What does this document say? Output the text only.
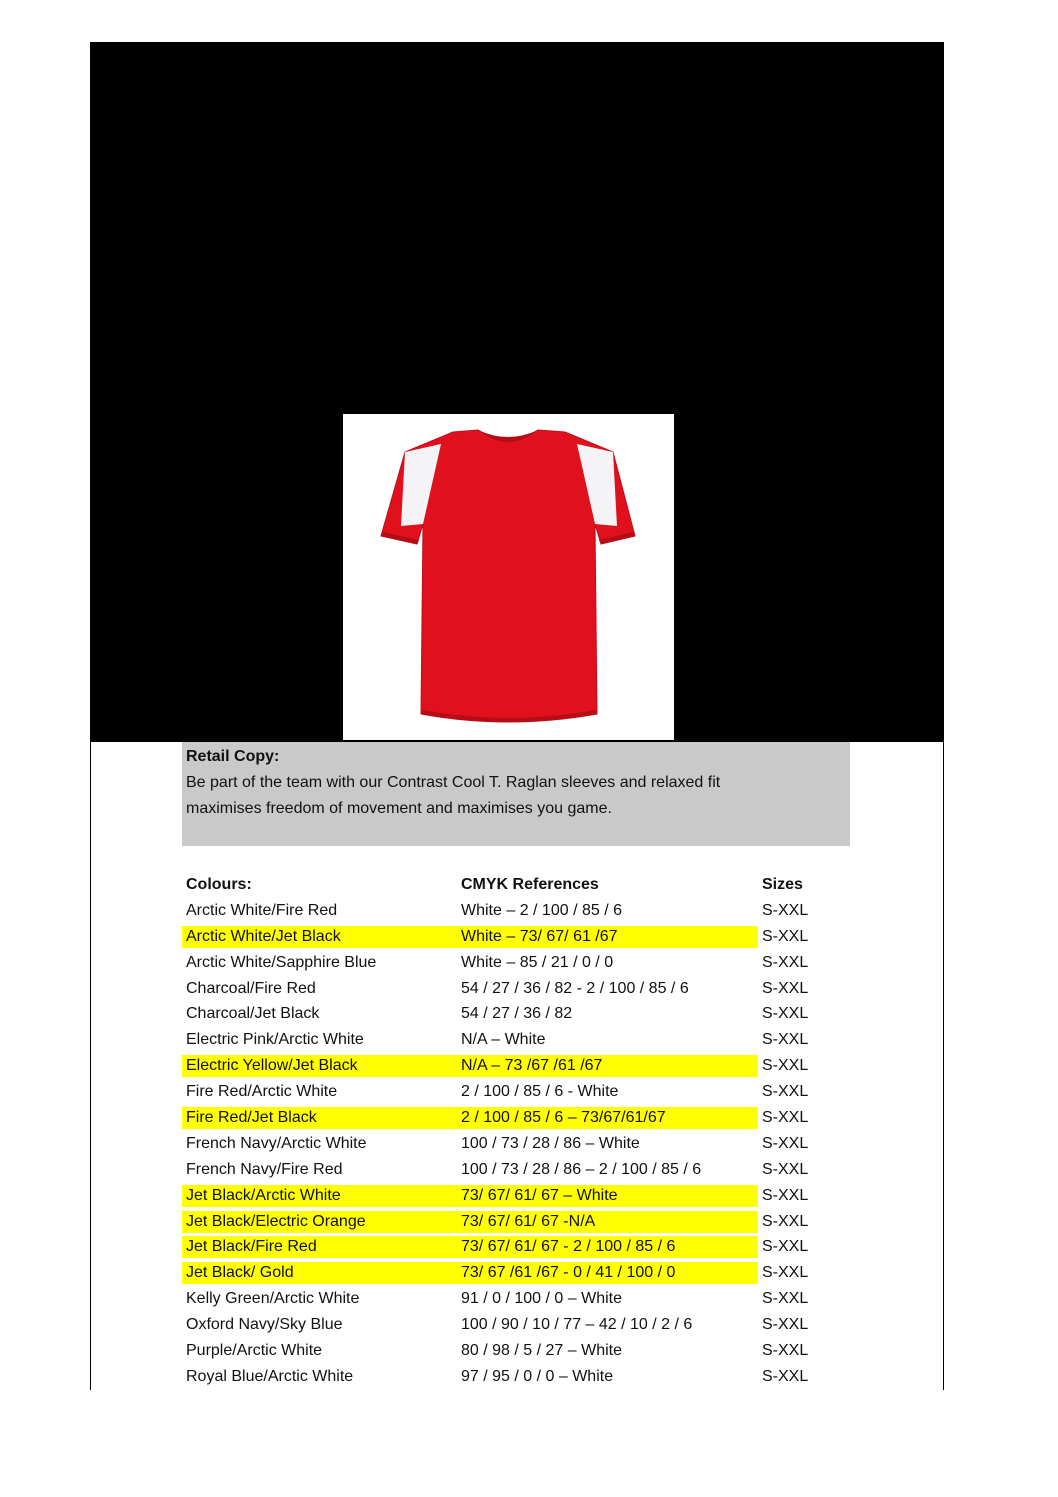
Retail Copy:
Be part of the team with our Contrast Cool T. Raglan sleeves and relaxed fit
maximises freedom of movement and maximises you game.
Colours:	CMYK References	Sizes
Arctic White/Fire Red	White – 2 / 100 / 85 / 6	S-XXL
Arctic White/Jet Black	White – 73/ 67/ 61 /67	S-XXL
Arctic White/Sapphire Blue	White – 85 / 21 / 0 / 0	S-XXL
Charcoal/Fire Red	54 / 27 / 36 / 82 - 2 / 100 / 85 / 6	S-XXL
Charcoal/Jet Black	54 / 27 / 36 / 82	S-XXL
Electric Pink/Arctic White	N/A – White	S-XXL
Electric Yellow/Jet Black	N/A – 73 /67 /61 /67	S-XXL
Fire Red/Arctic White	2 / 100 / 85 / 6 - White	S-XXL
Fire Red/Jet Black	2 / 100 / 85 / 6 – 73/67/61/67	S-XXL
French Navy/Arctic White	100 / 73 / 28 / 86 – White	S-XXL
French Navy/Fire Red	100 / 73 / 28 / 86 – 2 / 100 / 85 / 6	S-XXL
Jet Black/Arctic White	73/ 67/ 61/ 67 – White	S-XXL
Jet Black/Electric Orange	73/ 67/ 61/ 67 -N/A	S-XXL
Jet Black/Fire Red	73/ 67/ 61/ 67 - 2 / 100 / 85 / 6	S-XXL
Jet Black/ Gold	73/ 67 /61 /67 - 0 / 41 / 100 / 0	S-XXL
Kelly Green/Arctic White	91 / 0 / 100 / 0 – White	S-XXL
Oxford Navy/Sky Blue	100 / 90 / 10 / 77 – 42 / 10 / 2 / 6	S-XXL
Purple/Arctic White	80 / 98 / 5 / 27 – White	S-XXL
Royal Blue/Arctic White	97 / 95 / 0 / 0 – White	S-XXL
